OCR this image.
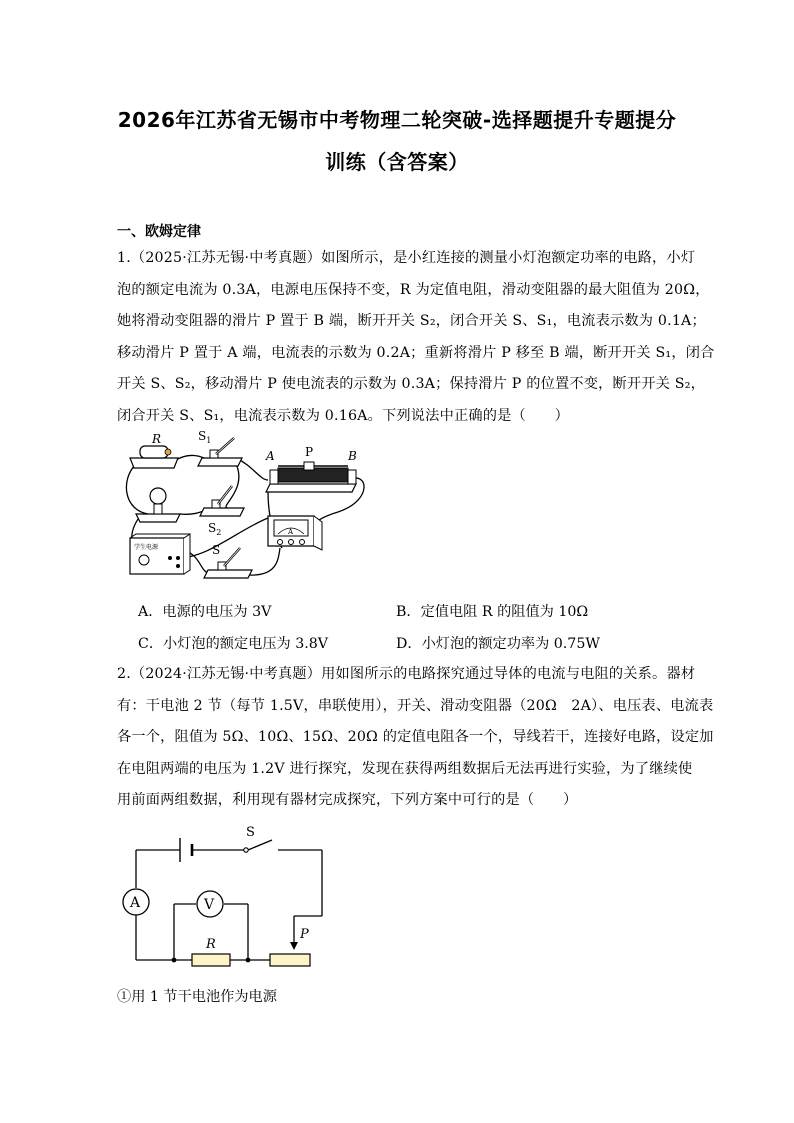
2026年江苏省无锡市中考物理二轮突破-选择题提升专题提分
训练（含答案）
一、欧姆定律
1.（2025·江苏无锡·中考真题）如图所示，是小红连接的测量小灯泡额定功率的电路，小灯
泡的额定电流为 0.3A，电源电压保持不变，R 为定值电阻，滑动变阻器的最大阻值为 20Ω，
她将滑动变阻器的滑片 P 置于 B 端，断开开关 S₂，闭合开关 S、S₁，电流表示数为 0.1A；
移动滑片 P 置于 A 端，电流表的示数为 0.2A；重新将滑片 P 移至 B 端，断开开关 S₁，闭合
开关 S、S₂，移动滑片 P 使电流表的示数为 0.3A；保持滑片 P 的位置不变，断开开关 S₂，
闭合开关 S、S₁，电流表示数为 0.16A。下列说法中正确的是（　　）
R	$S_1$
A	P	B
$S_2$	A
学生电源	S
A．电源的电压为 3V	B．定值电阻 R 的阻值为 10Ω
C．小灯泡的额定电压为 3.8V	D．小灯泡的额定功率为 0.75W
2.（2024·江苏无锡·中考真题）用如图所示的电路探究通过导体的电流与电阻的关系。器材
有：干电池 2 节（每节 1.5V，串联使用），开关、滑动变阻器（20Ω　2A）、电压表、电流表
各一个，阻值为 5Ω、10Ω、15Ω、20Ω 的定值电阻各一个，导线若干，连接好电路，设定加
在电阻两端的电压为 1.2V 进行探究，发现在获得两组数据后无法再进行实验，为了继续使
用前面两组数据，利用现有器材完成探究，下列方案中可行的是（　　）
A	V
R
P
S
①用 1 节干电池作为电源
